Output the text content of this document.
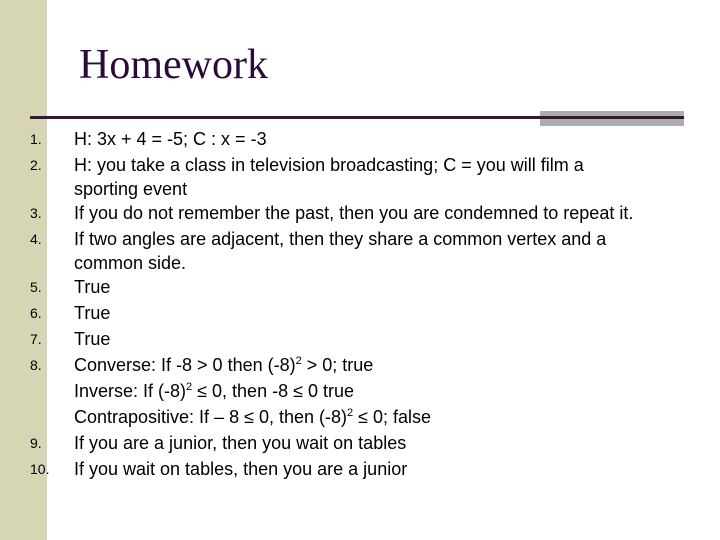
Homework
1.	H: 3x + 4 = -5; C : x = -3
2.	H: you take a class in television broadcasting; C = you will film a
sporting event
3.	If you do not remember the past, then you are condemned to repeat it.
4.	If two angles are adjacent, then they share a common vertex and a
common side.
5.	True
6.	True
7.	True
8.	Converse: If -8 > 0 then $(-8)^2 > 0$; true
Inverse: If $(-8)^2 \le 0$, then -8 ≤ 0 true
Contrapositive: If – 8 ≤ 0, then $(-8)^2 \le 0$; false
9.	If you are a junior, then you wait on tables
10.	If you wait on tables, then you are a junior
